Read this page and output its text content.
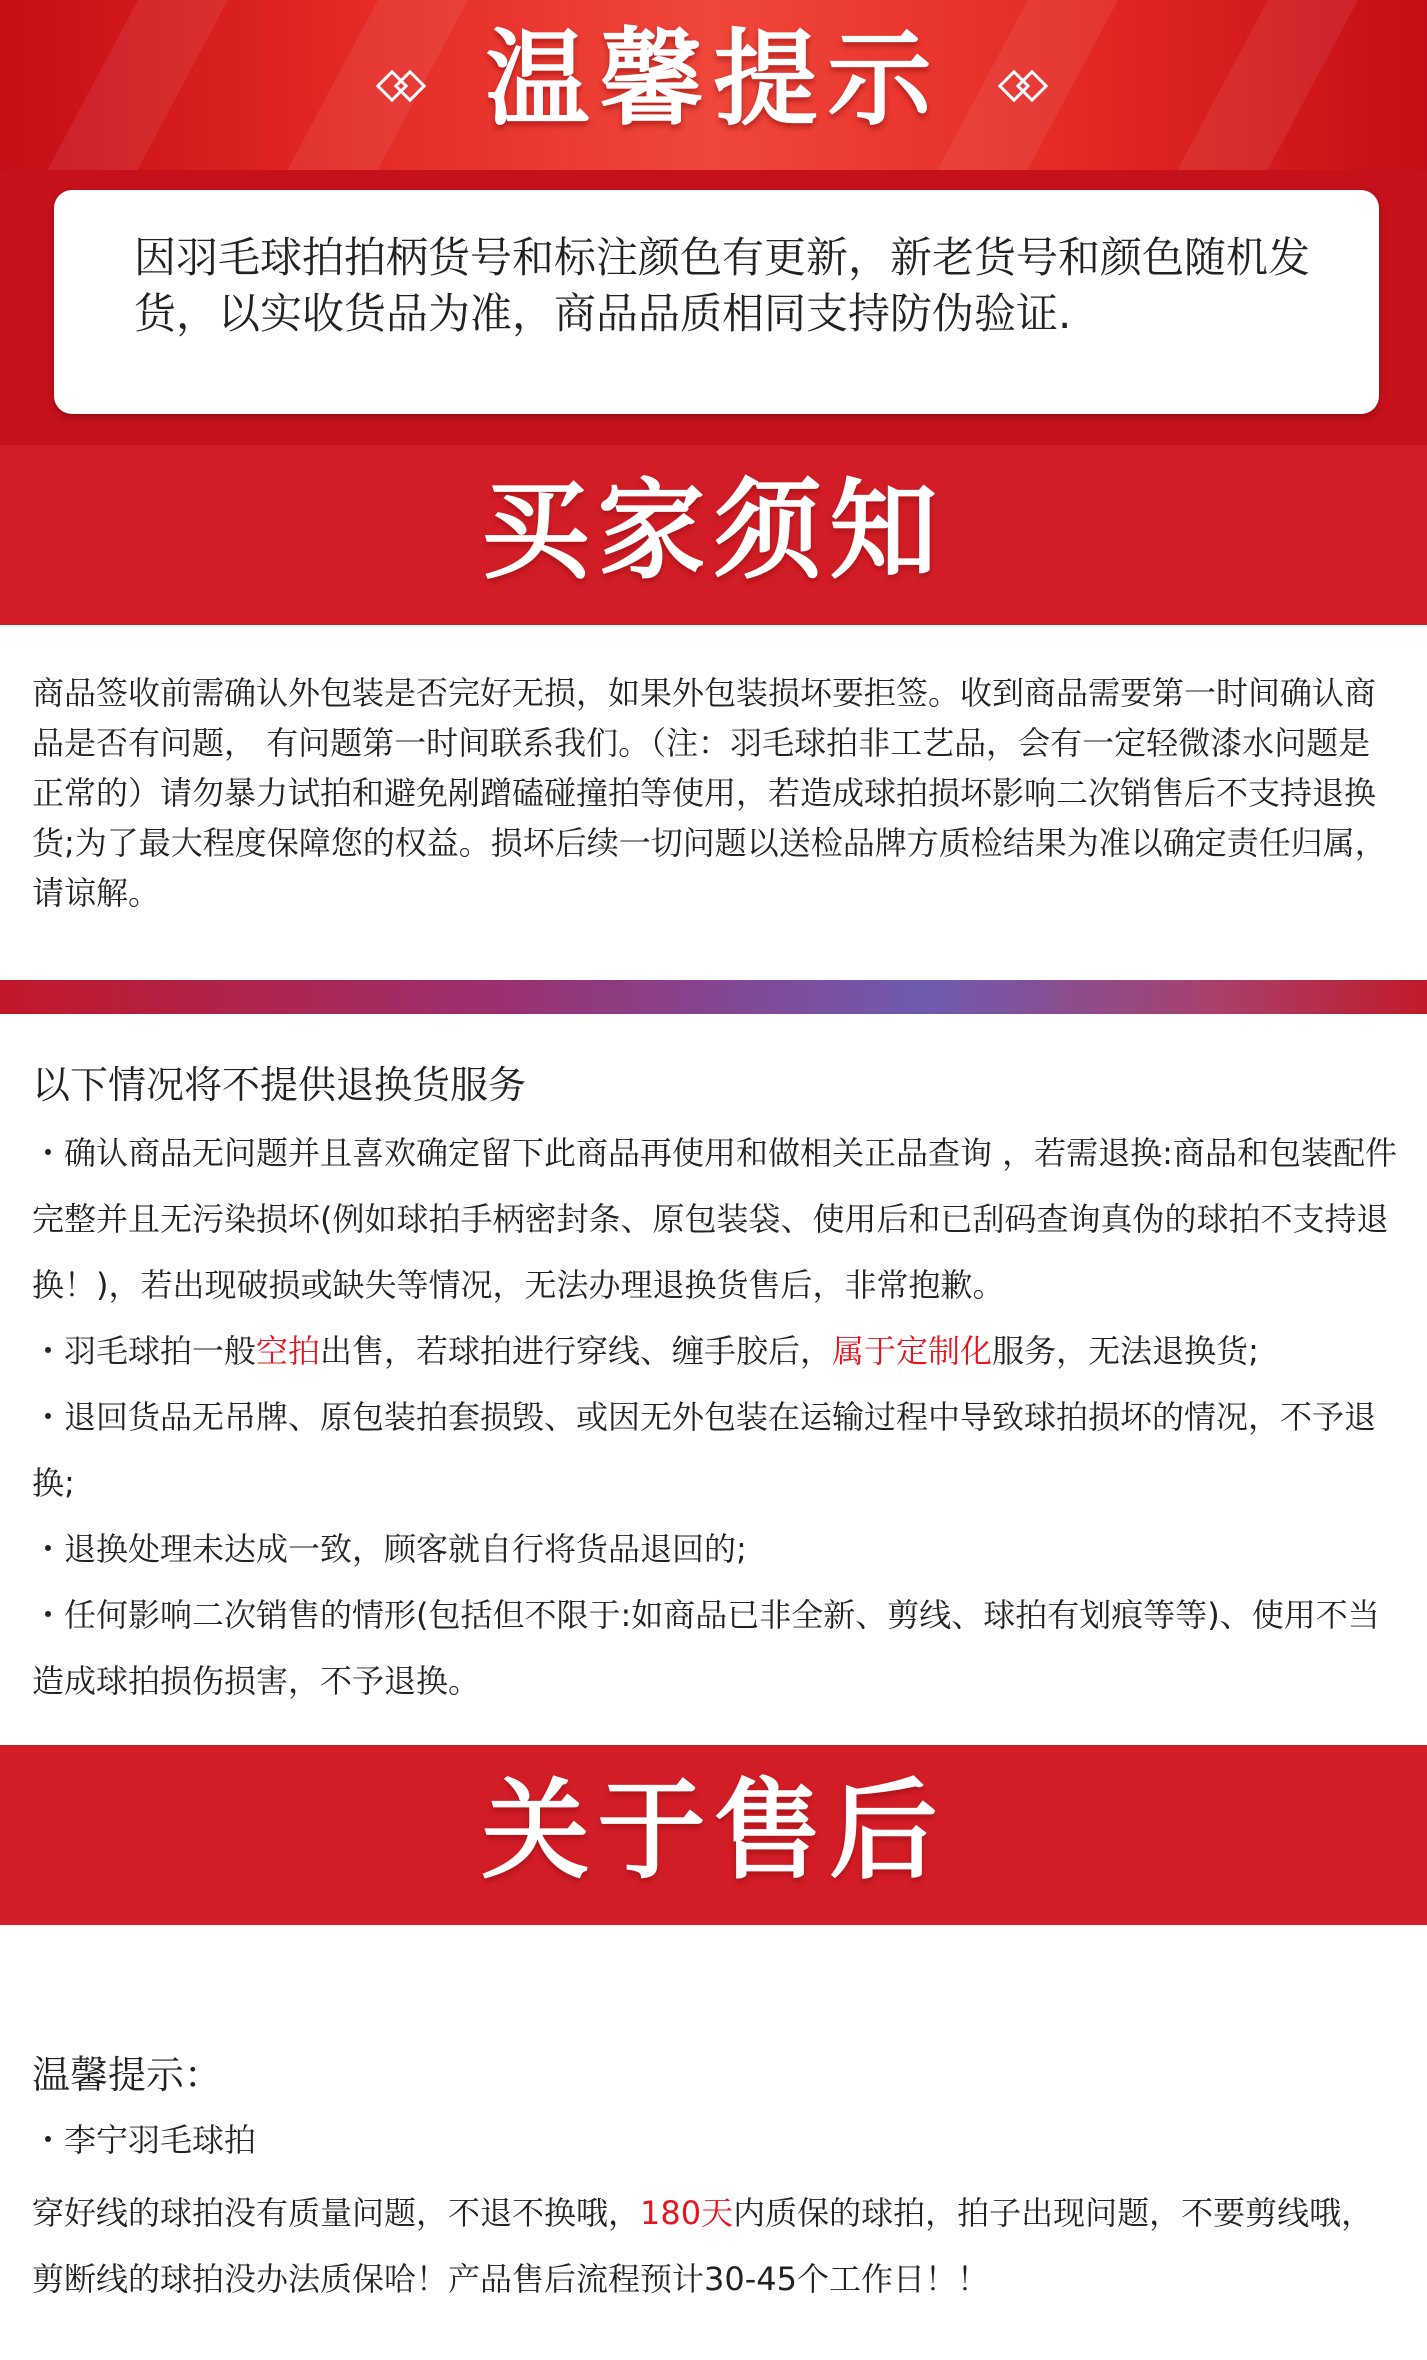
温馨提示
因羽毛球拍拍柄货号和标注颜色有更新，新老货号和颜色随机发货，以实收货品为准，商品品质相同支持防伪验证.
买家须知
商品签收前需确认外包装是否完好无损，如果外包装损坏要拒签。收到商品需要第一时间确认商品是否有问题， 有问题第一时间联系我们。（注：羽毛球拍非工艺品，会有一定轻微漆水问题是正常的）请勿暴力试拍和避免剐蹭磕碰撞拍等使用，若造成球拍损坏影响二次销售后不支持退换货;为了最大程度保障您的权益。损坏后续一切问题以送检品牌方质检结果为准以确定责任归属，请谅解。
以下情况将不提供退换货服务
・确认商品无问题并且喜欢确定留下此商品再使用和做相关正品查询 ，若需退换:商品和包装配件完整并且无污染损坏(例如球拍手柄密封条、原包装袋、使用后和已刮码查询真伪的球拍不支持退换！)，若出现破损或缺失等情况，无法办理退换货售后，非常抱歉。
・羽毛球拍一般空拍出售，若球拍进行穿线、缠手胶后，属于定制化服务，无法退换货;
・退回货品无吊牌、原包装拍套损毁、或因无外包装在运输过程中导致球拍损坏的情况，不予退换;
・退换处理未达成一致，顾客就自行将货品退回的;
・任何影响二次销售的情形(包括但不限于:如商品已非全新、剪线、球拍有划痕等等)、使用不当造成球拍损伤损害，不予退换。
关于售后
温馨提示：
・李宁羽毛球拍
穿好线的球拍没有质量问题，不退不换哦，180天内质保的球拍，拍子出现问题，不要剪线哦，剪断线的球拍没办法质保哈！产品售后流程预计30-45个工作日！！
